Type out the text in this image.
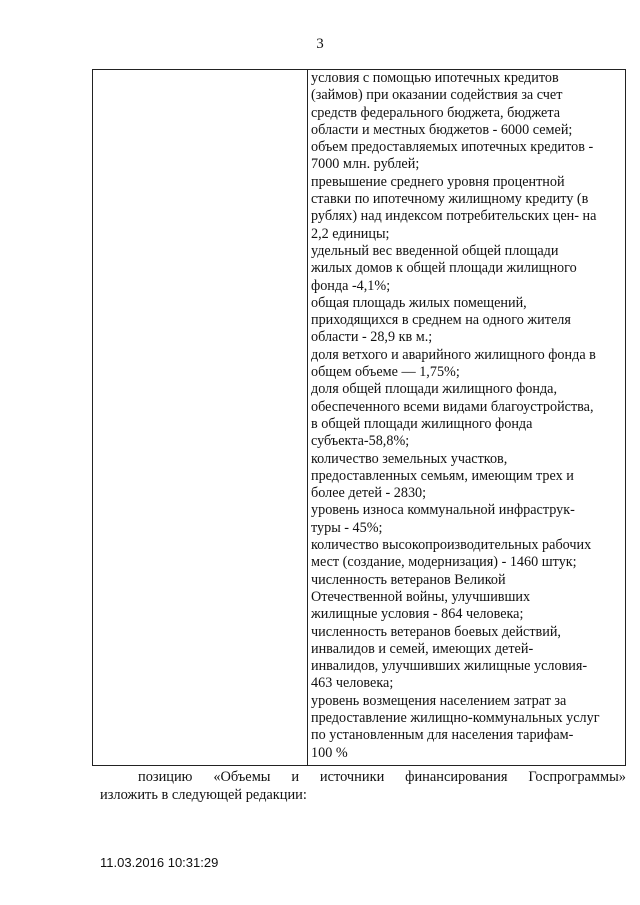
3
условия с помощью ипотечных кредитов
(займов) при оказании содействия за счет
средств федерального бюджета, бюджета
области и местных бюджетов - 6000 семей;
объем предоставляемых ипотечных кредитов -
7000 млн. рублей;
превышение среднего уровня процентной
ставки по ипотечному жилищному кредиту (в
рублях) над индексом потребительских цен- на
2,2 единицы;
удельный вес введенной общей площади
жилых домов к общей площади жилищного
фонда -4,1%;
общая площадь жилых помещений,
приходящихся в среднем на одного жителя
области - 28,9 кв м.;
доля ветхого и аварийного жилищного фонда в
общем объеме — 1,75%;
доля общей площади жилищного фонда,
обеспеченного всеми видами благоустройства,
в общей площади жилищного фонда
субъекта-58,8%;
количество земельных участков,
предоставленных семьям, имеющим трех и
более детей - 2830;
уровень износа коммунальной инфраструк-
туры - 45%;
количество высокопроизводительных рабочих
мест (создание, модернизация) - 1460 штук;
численность ветеранов Великой
Отечественной войны, улучшивших
жилищные условия - 864 человека;
численность ветеранов боевых действий,
инвалидов и семей, имеющих детей-
инвалидов, улучшивших жилищные условия-
463 человека;
уровень возмещения населением затрат за
предоставление жилищно-коммунальных услуг
по установленным для населения тарифам-
100 %
позицию «Объемы и источники финансирования Госпрограммы»
изложить в следующей редакции:
11.03.2016 10:31:29
